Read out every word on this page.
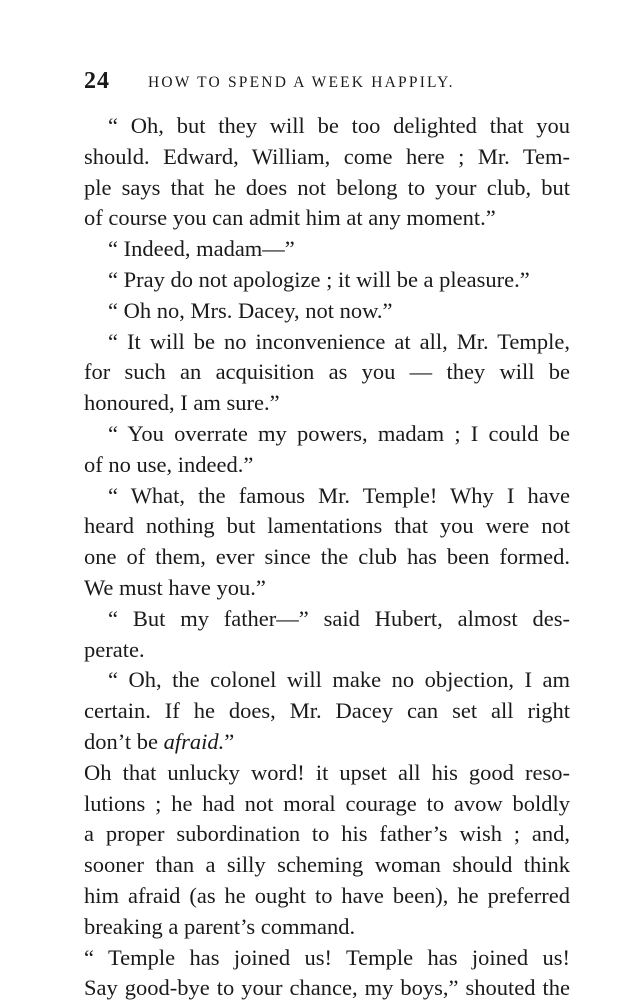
24 HOW TO SPEND A WEEK HAPPILY.
“ Oh, but they will be too delighted that you
should. Edward, William, come here ; Mr. Tem-
ple says that he does not belong to your club, but
of course you can admit him at any moment.”
“ Indeed, madam—”
“ Pray do not apologize ; it will be a pleasure.”
“ Oh no, Mrs. Dacey, not now.”
“ It will be no inconvenience at all, Mr. Temple,
for such an acquisition as you — they will be
honoured, I am sure.”
“ You overrate my powers, madam ; I could be
of no use, indeed.”
“ What, the famous Mr. Temple! Why I have
heard nothing but lamentations that you were not
one of them, ever since the club has been formed.
We must have you.”
“ But my father—” said Hubert, almost des-
perate.
“ Oh, the colonel will make no objection, I am
certain. If he does, Mr. Dacey can set all right
don’t be afraid.”
Oh that unlucky word! it upset all his good reso-
lutions ; he had not moral courage to avow boldly
a proper subordination to his father’s wish ; and,
sooner than a silly scheming woman should think
him afraid (as he ought to have been), he preferred
breaking a parent’s command.
“ Temple has joined us! Temple has joined us!
Say good-bye to your chance, my boys,” shouted the
